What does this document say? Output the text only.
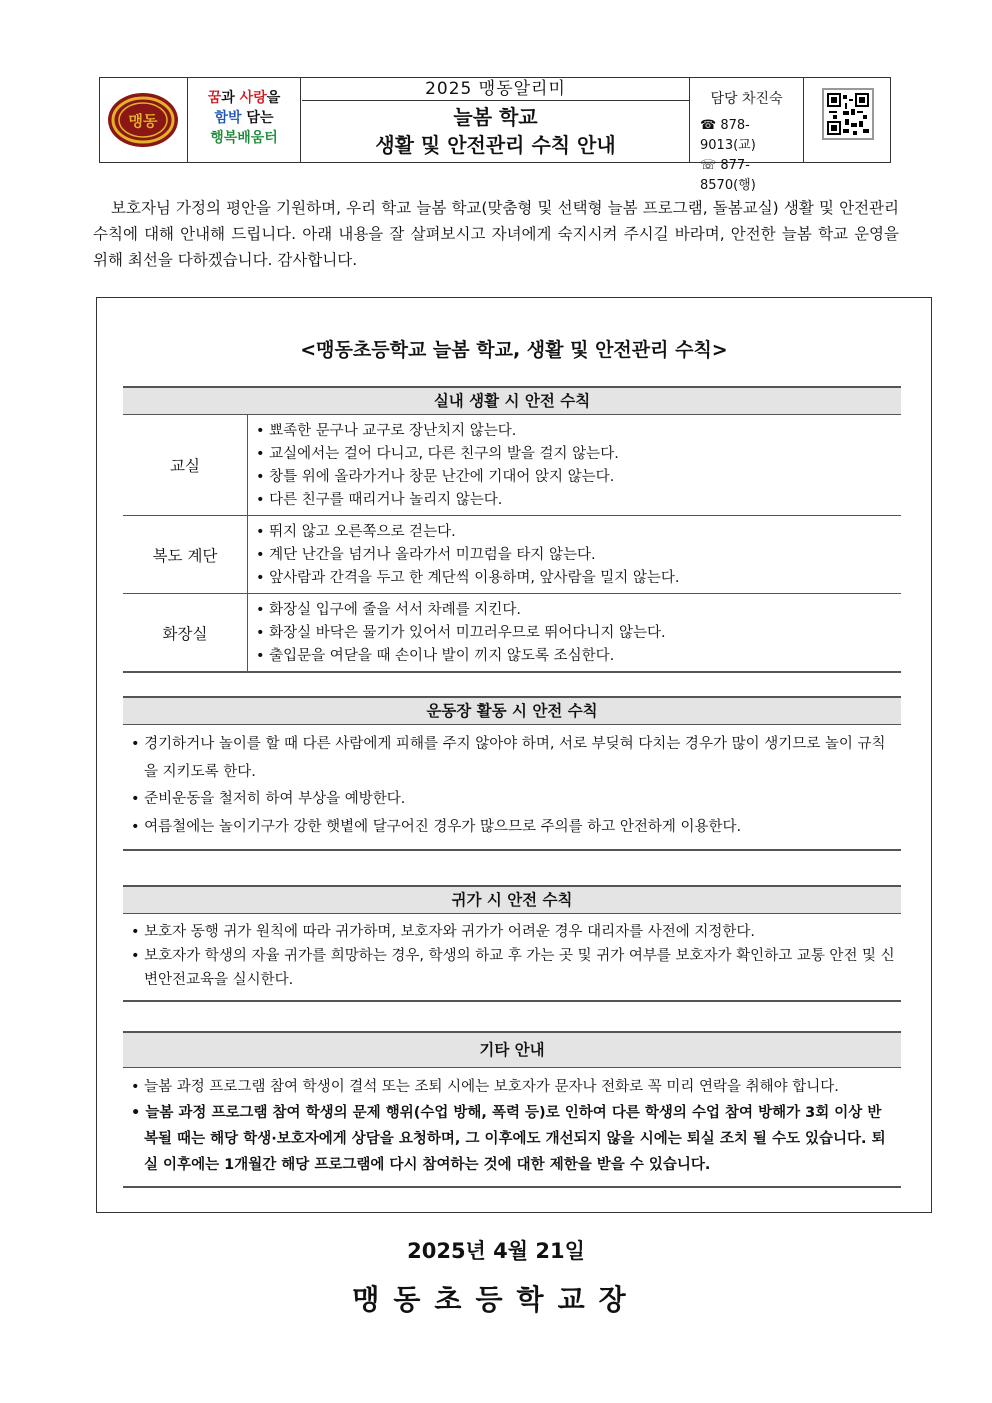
맹동
꿈과 사랑을
함박 담는
행복배움터
2025 맹동알리미
늘봄 학교
생활 및 안전관리 수칙 안내
담당 차진숙
☎ 878-9013(교)
☏ 877-8570(행)
보호자님 가정의 평안을 기원하며, 우리 학교 늘봄 학교(맞춤형 및 선택형 늘봄 프로그램, 돌봄교실) 생활 및 안전관리 수칙에 대해 안내해 드립니다. 아래 내용을 잘 살펴보시고 자녀에게 숙지시켜 주시길 바라며, 안전한 늘봄 학교 운영을 위해 최선을 다하겠습니다. 감사합니다.
<맹동초등학교 늘봄 학교, 생활 및 안전관리 수칙>
실내 생활 시 안전 수칙
교실	• 뾰족한 문구나 교구로 장난치지 않는다.
• 교실에서는 걸어 다니고, 다른 친구의 발을 걸지 않는다.
• 창틀 위에 올라가거나 창문 난간에 기대어 앉지 않는다.
• 다른 친구를 때리거나 놀리지 않는다.

복도 계단	• 뛰지 않고 오른쪽으로 걷는다.
• 계단 난간을 넘거나 올라가서 미끄럼을 타지 않는다.
• 앞사람과 간격을 두고 한 계단씩 이용하며, 앞사람을 밀지 않는다.

화장실	• 화장실 입구에 줄을 서서 차례를 지킨다.
• 화장실 바닥은 물기가 있어서 미끄러우므로 뛰어다니지 않는다.
• 출입문을 여닫을 때 손이나 발이 끼지 않도록 조심한다.
운동장 활동 시 안전 수칙
• 경기하거나 놀이를 할 때 다른 사람에게 피해를 주지 않아야 하며, 서로 부딪혀 다치는 경우가 많이 생기므로 놀이 규칙을 지키도록 한다.
• 준비운동을 철저히 하여 부상을 예방한다.
• 여름철에는 놀이기구가 강한 햇볕에 달구어진 경우가 많으므로 주의를 하고 안전하게 이용한다.
귀가 시 안전 수칙
• 보호자 동행 귀가 원칙에 따라 귀가하며, 보호자와 귀가가 어려운 경우 대리자를 사전에 지정한다.
• 보호자가 학생의 자율 귀가를 희망하는 경우, 학생의 하교 후 가는 곳 및 귀가 여부를 보호자가 확인하고 교통 안전 및 신변안전교육을 실시한다.
기타 안내
• 늘봄 과정 프로그램 참여 학생이 결석 또는 조퇴 시에는 보호자가 문자나 전화로 꼭 미리 연락을 취해야 합니다.
• 늘봄 과정 프로그램 참여 학생의 문제 행위(수업 방해, 폭력 등)로 인하여 다른 학생의 수업 참여 방해가 3회 이상 반복될 때는 해당 학생·보호자에게 상담을 요청하며, 그 이후에도 개선되지 않을 시에는 퇴실 조치 될 수도 있습니다. 퇴실 이후에는 1개월간 해당 프로그램에 다시 참여하는 것에 대한 제한을 받을 수 있습니다.
2025년 4월 21일
맹동초등학교장
